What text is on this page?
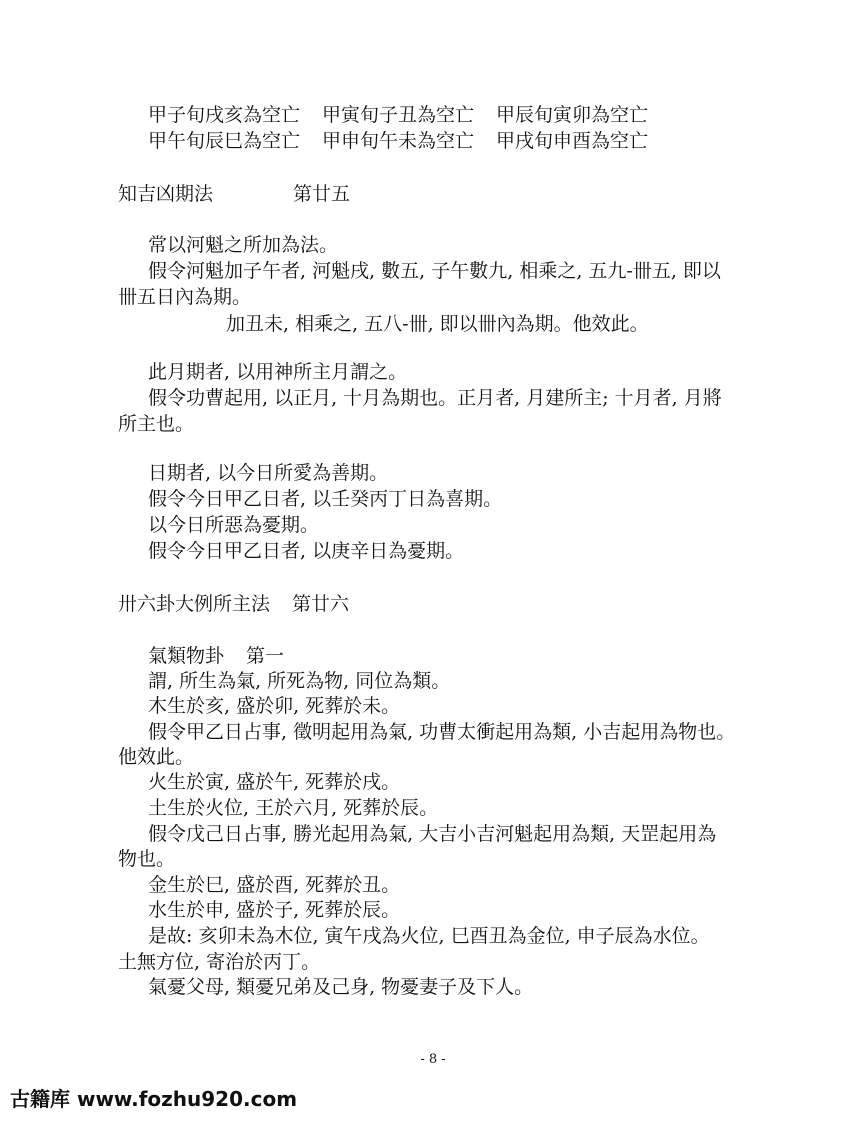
甲子旬戌亥為空亡 甲寅旬子丑為空亡 甲辰旬寅卯為空亡
甲午旬辰巳為空亡 甲申旬午未為空亡 甲戌旬申酉為空亡
知吉凶期法	第廿五
常以河魁之所加為法。
假令河魁加子午者, 河魁戌, 數五, 子午數九, 相乘之, 五九-卌五, 即以
卌五日內為期。
加丑未, 相乘之, 五八-卌, 即以卌內為期。他效此。
此月期者, 以用神所主月謂之。
假令功曹起用, 以正月, 十月為期也。正月者, 月建所主; 十月者, 月將
所主也。
日期者, 以今日所愛為善期。
假令今日甲乙日者, 以壬癸丙丁日為喜期。
以今日所惡為憂期。
假令今日甲乙日者, 以庚辛日為憂期。
卅六卦大例所主法 第廿六
氣類物卦 第一
謂, 所生為氣, 所死為物, 同位為類。
木生於亥, 盛於卯, 死葬於未。
假令甲乙日占事, 徵明起用為氣, 功曹太衝起用為類, 小吉起用為物也。
他效此。
火生於寅, 盛於午, 死葬於戌。
土生於火位, 王於六月, 死葬於辰。
假令戊己日占事, 勝光起用為氣, 大吉小吉河魁起用為類, 天罡起用為
物也。
金生於巳, 盛於酉, 死葬於丑。
水生於申, 盛於子, 死葬於辰。
是故: 亥卯未為木位, 寅午戌為火位, 巳酉丑為金位, 申子辰為水位。
土無方位, 寄治於丙丁。
氣憂父母, 類憂兄弟及己身, 物憂妻子及下人。
- 8 -
古籍库 www.fozhu920.com
